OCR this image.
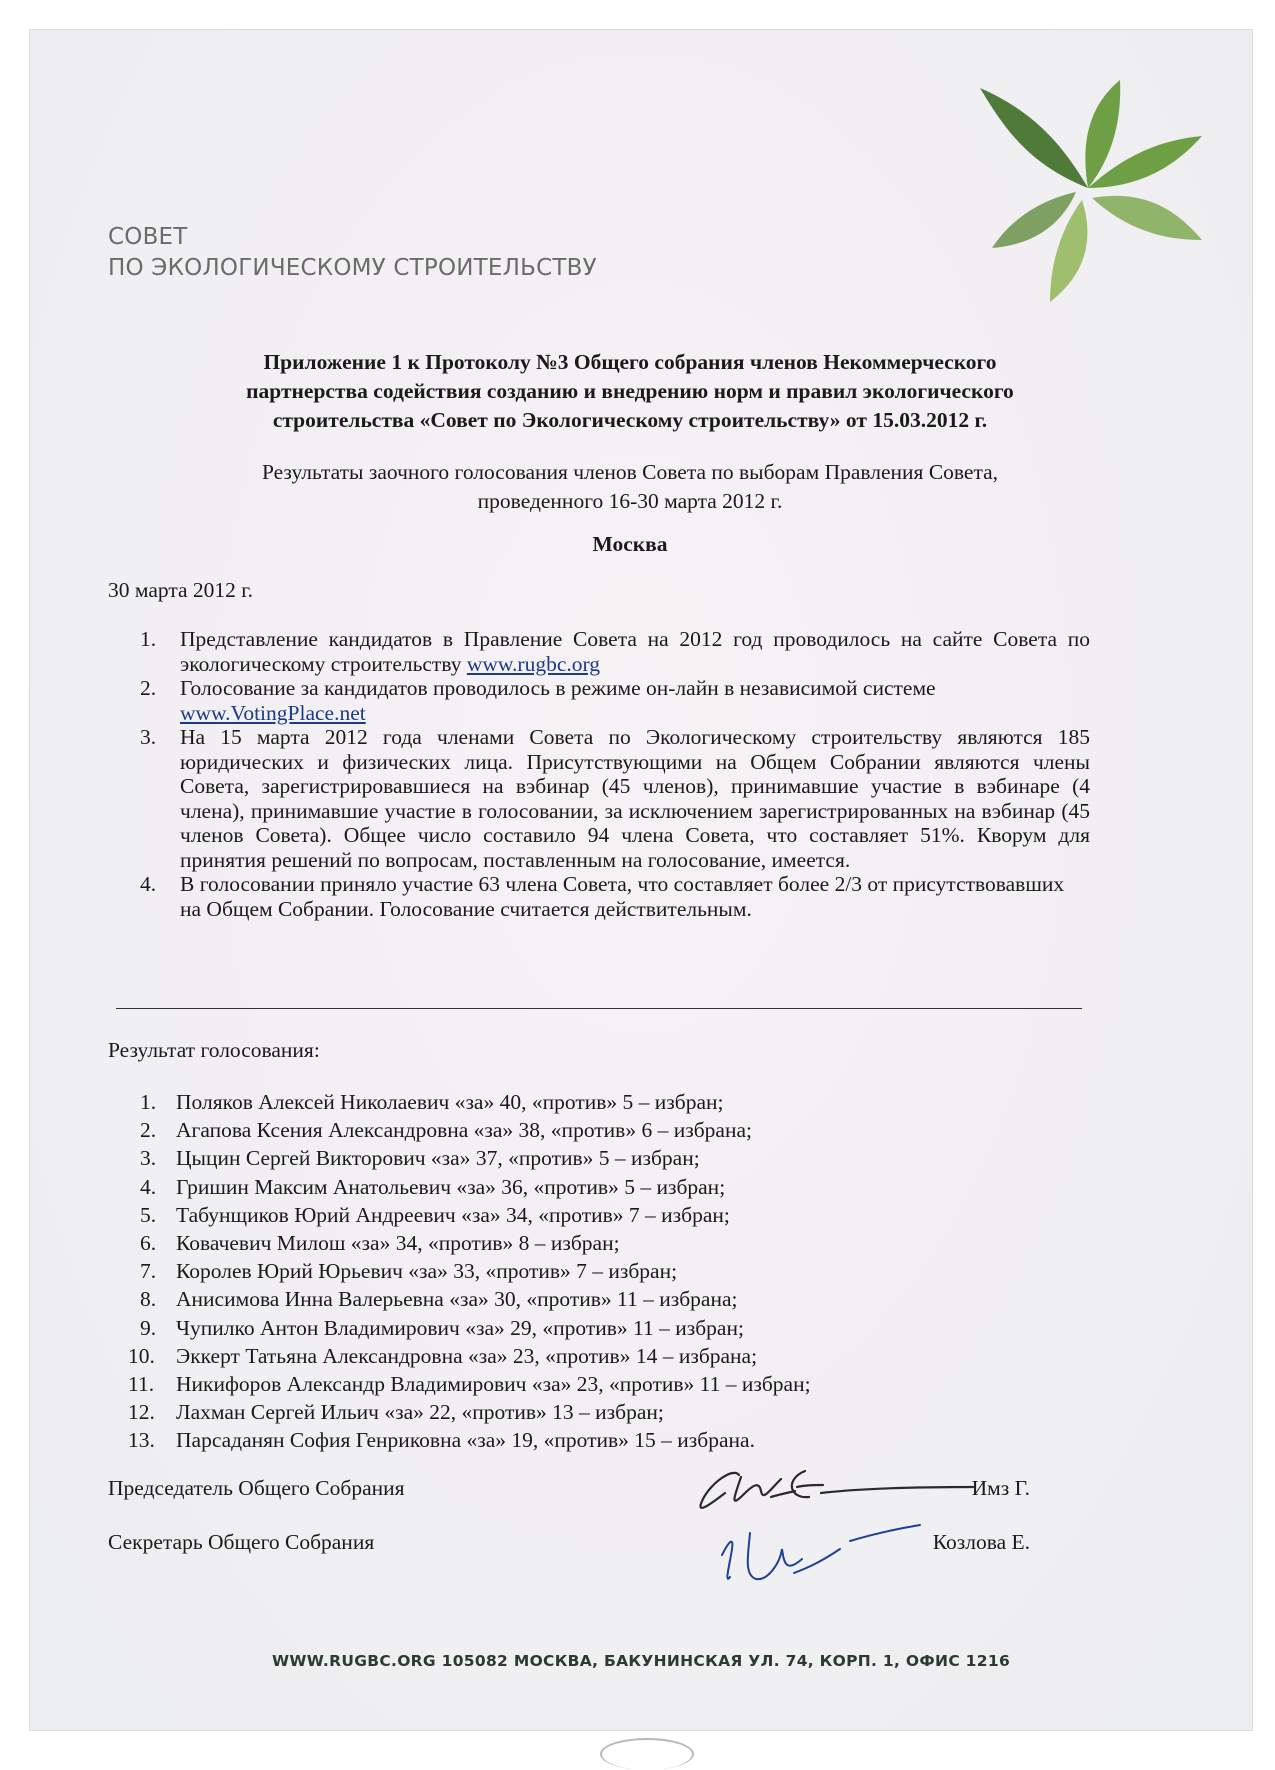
СОВЕТ
ПО ЭКОЛОГИЧЕСКОМУ СТРОИТЕЛЬСТВУ
Приложение 1 к Протоколу №3 Общего собрания членов Некоммерческого
партнерства содействия созданию и внедрению норм и правил экологического
строительства «Совет по Экологическому строительству» от 15.03.2012 г.
Результаты заочного голосования членов Совета по выборам Правления Совета,
проведенного 16-30 марта 2012 г.
Москва
30 марта 2012 г.
1. Представление кандидатов в Правление Совета на 2012 год проводилось на сайте Совета по экологическому строительству www.rugbc.org
2. Голосование за кандидатов проводилось в режиме он-лайн в независимой системе www.VotingPlace.net
3. На 15 марта 2012 года членами Совета по Экологическому строительству являются 185 юридических и физических лица. Присутствующими на Общем Собрании являются члены Совета, зарегистрировавшиеся на вэбинар (45 членов), принимавшие участие в вэбинаре (4 члена), принимавшие участие в голосовании, за исключением зарегистрированных на вэбинар (45 членов Совета). Общее число составило 94 члена Совета, что составляет 51%. Кворум для принятия решений по вопросам, поставленным на голосование, имеется.
4. В голосовании приняло участие 63 члена Совета, что составляет более 2/3 от присутствовавших на Общем Собрании. Голосование считается действительным.
Результат голосования:
1. Поляков Алексей Николаевич «за» 40, «против» 5 – избран;
2. Агапова Ксения Александровна «за» 38, «против» 6 – избрана;
3. Цыцин Сергей Викторович «за» 37, «против» 5 – избран;
4. Гришин Максим Анатольевич «за» 36, «против» 5 – избран;
5. Табунщиков Юрий Андреевич «за» 34, «против» 7 – избран;
6. Ковачевич Милош «за» 34, «против» 8 – избран;
7. Королев Юрий Юрьевич «за» 33, «против» 7 – избран;
8. Анисимова Инна Валерьевна «за» 30, «против» 11 – избрана;
9. Чупилко Антон Владимирович «за» 29, «против» 11 – избран;
10. Эккерт Татьяна Александровна «за» 23, «против» 14 – избрана;
11. Никифоров Александр Владимирович «за» 23, «против» 11 – избран;
12. Лахман Сергей Ильич «за» 22, «против» 13 – избран;
13. Парсаданян София Генриковна «за» 19, «против» 15 – избрана.
Председатель Общего Собрания	Имз Г.
Секретарь Общего Собрания	Козлова Е.
WWW.RUGBC.ORG 105082 МОСКВА, БАКУНИНСКАЯ УЛ. 74, КОРП. 1, ОФИС 1216
